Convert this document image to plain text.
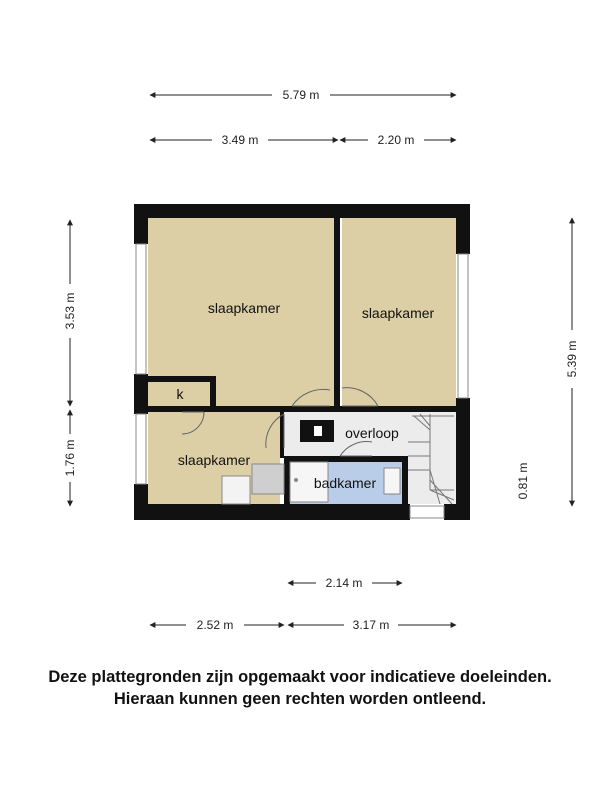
slaapkamer	slaapkamer
k
overloop
slaapkamer
badkamer
5.79 m
3.49 m	2.20 m
3.53 m
1.76 m
5.39 m
0.81 m
2.14 m
2.52 m	3.17 m
Deze plattegronden zijn opgemaakt voor indicatieve doeleinden.
Hieraan kunnen geen rechten worden ontleend.
